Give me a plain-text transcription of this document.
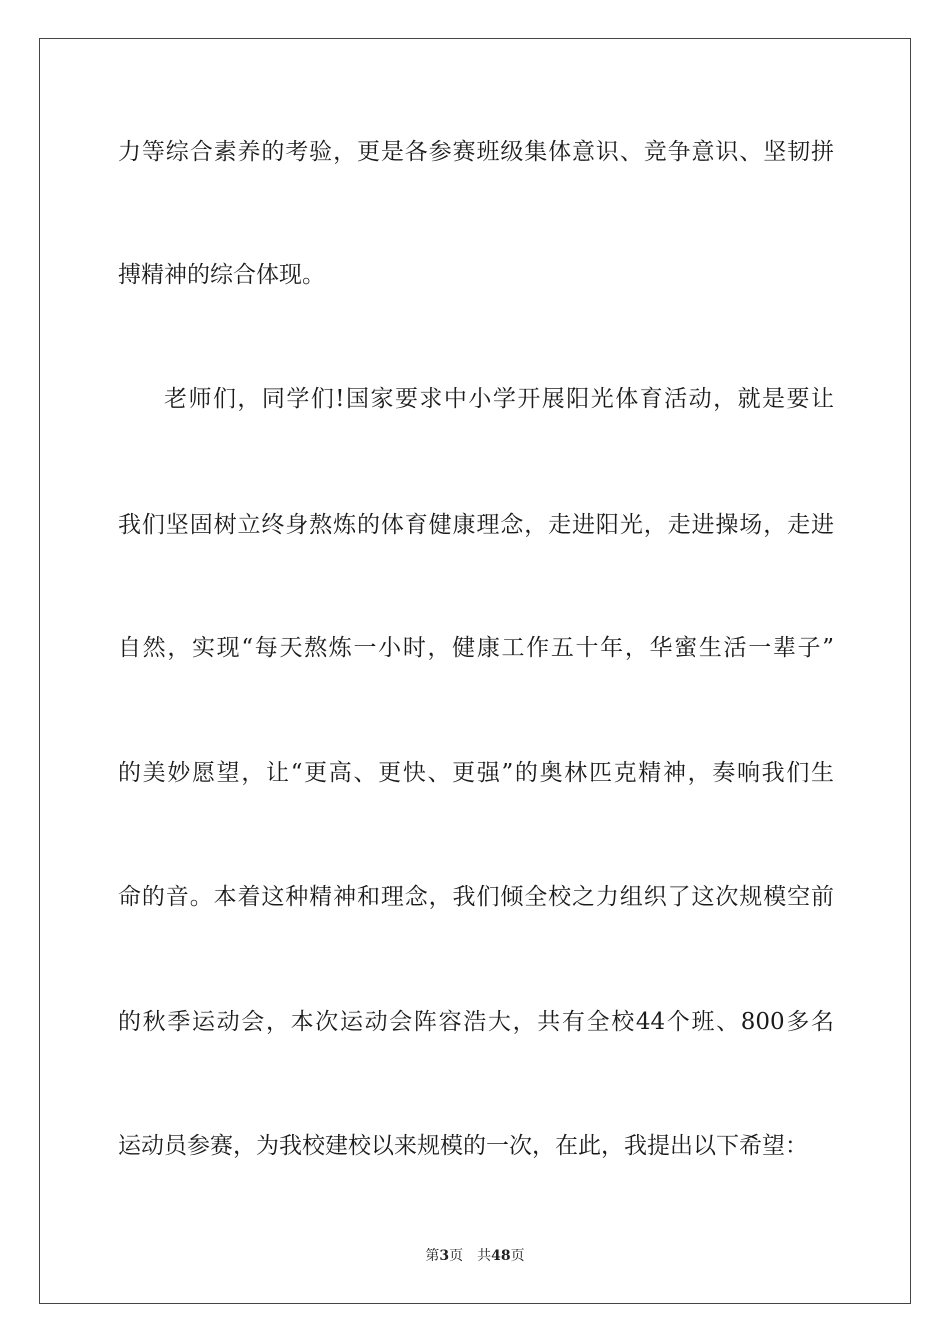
力等综合素养的考验，更是各参赛班级集体意识、竞争意识、坚韧拼
搏精神的综合体现。
老师们，同学们!国家要求中小学开展阳光体育活动，就是要让
我们坚固树立终身熬炼的体育健康理念，走进阳光，走进操场，走进
自然，实现“每天熬炼一小时，健康工作五十年，华蜜生活一辈子”
的美妙愿望，让“更高、更快、更强”的奥林匹克精神，奏响我们生
命的音。本着这种精神和理念，我们倾全校之力组织了这次规模空前
的秋季运动会，本次运动会阵容浩大，共有全校44个班、800多名
运动员参赛，为我校建校以来规模的一次，在此，我提出以下希望：
第3页 共48页
